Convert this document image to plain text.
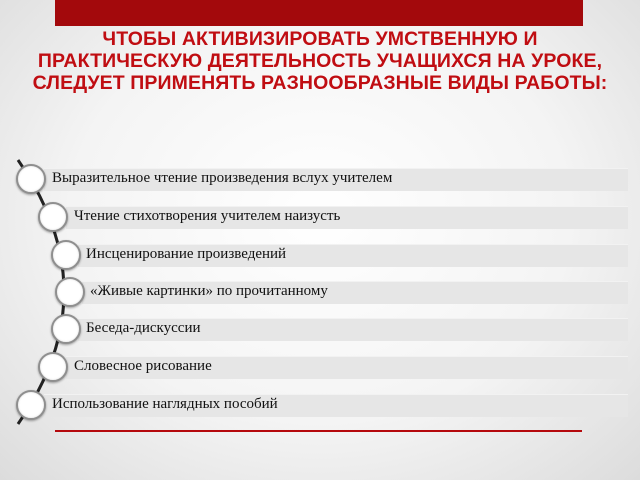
ЧТОБЫ АКТИВИЗИРОВАТЬ УМСТВЕННУЮ И ПРАКТИЧЕСКУЮ ДЕЯТЕЛЬНОСТЬ УЧАЩИХСЯ НА УРОКЕ, СЛЕДУЕТ ПРИМЕНЯТЬ РАЗНООБРАЗНЫЕ ВИДЫ РАБОТЫ:
Выразительное чтение произведения вслух учителем
Чтение стихотворения учителем наизусть
Инсценирование произведений
«Живые картинки» по прочитанному
Беседа-дискуссии
Словесное рисование
Использование наглядных пособий
